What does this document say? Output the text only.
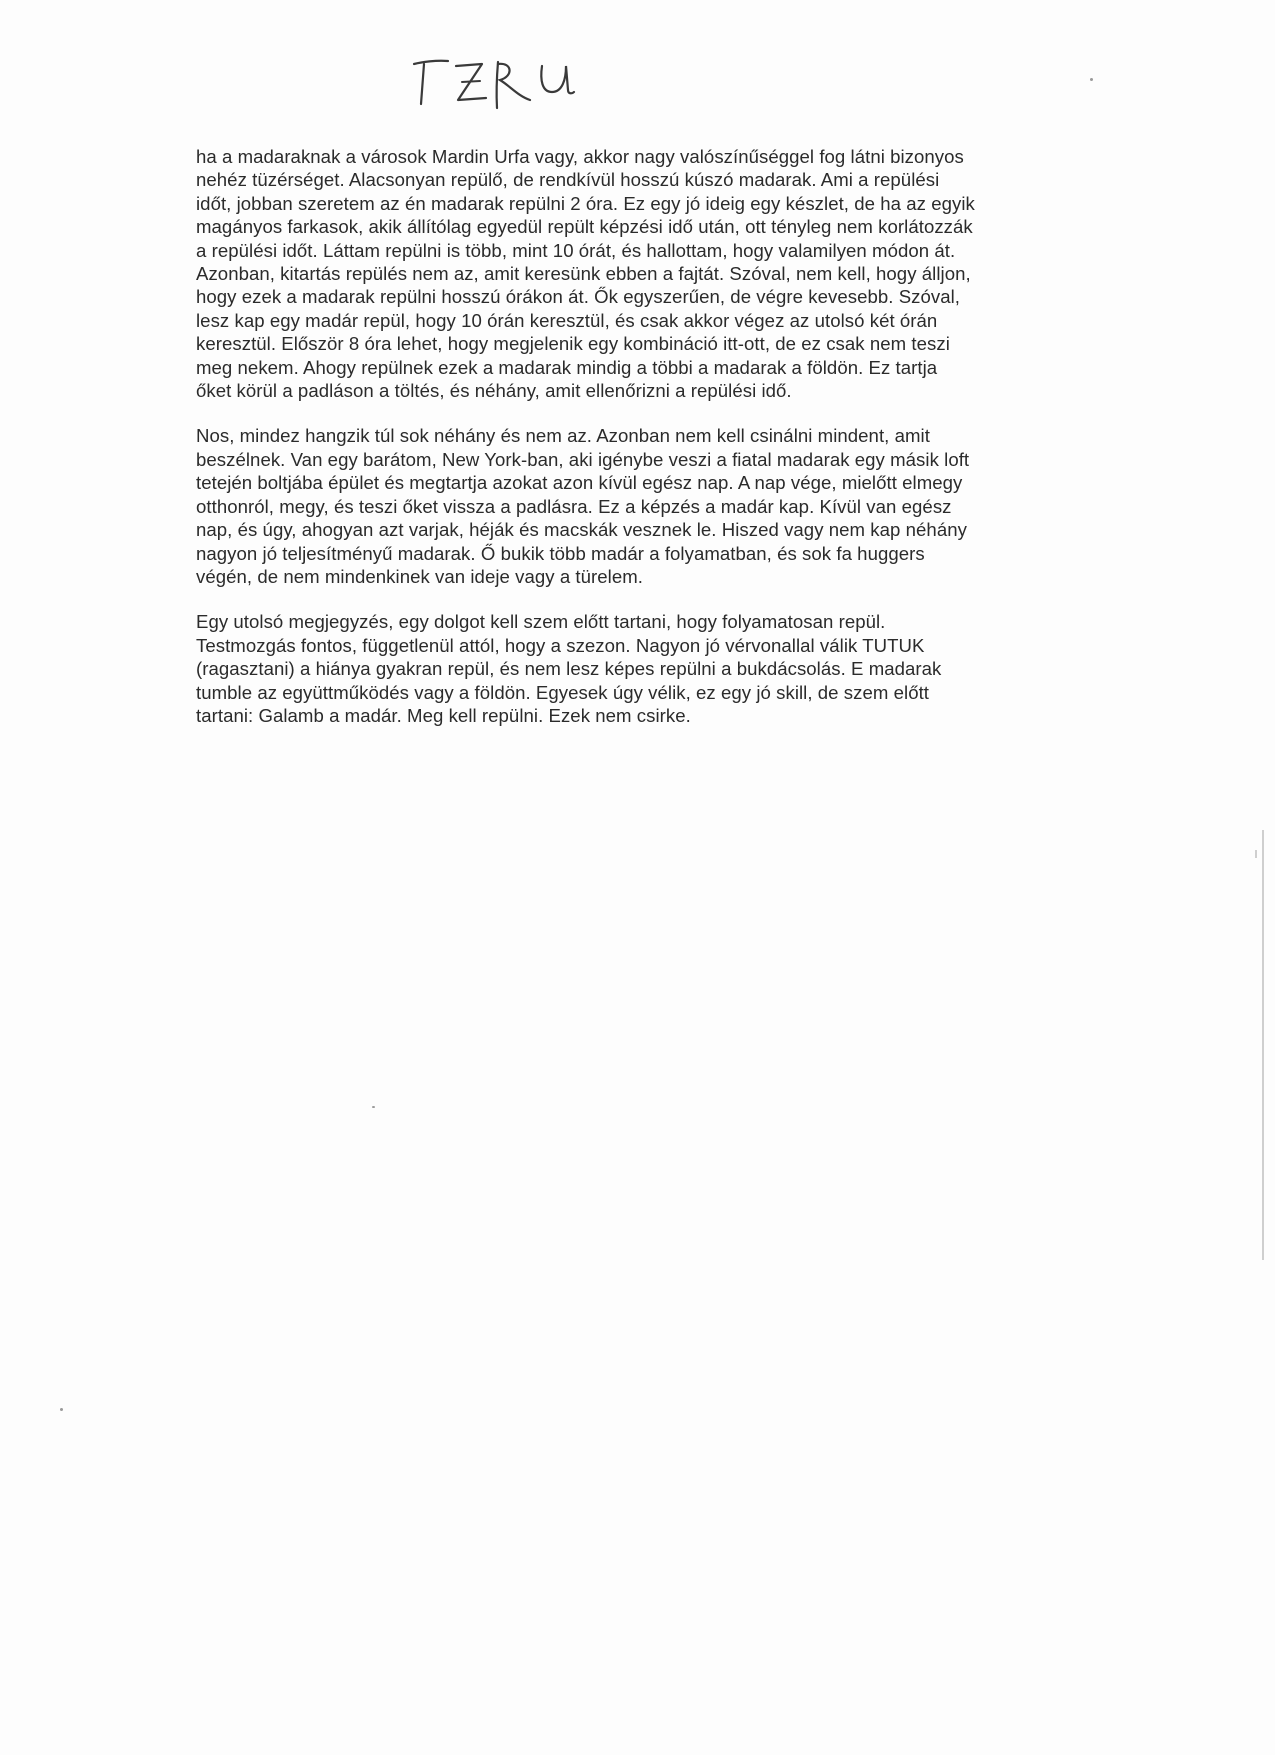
ha a madaraknak a városok Mardin Urfa vagy, akkor nagy valószínűséggel fog látni bizonyos
nehéz tüzérséget. Alacsonyan repülő, de rendkívül hosszú kúszó madarak. Ami a repülési
időt, jobban szeretem az én madarak repülni 2 óra. Ez egy jó ideig egy készlet, de ha az egyik
magányos farkasok, akik állítólag egyedül repült képzési idő után, ott tényleg nem korlátozzák
a repülési időt. Láttam repülni is több, mint 10 órát, és hallottam, hogy valamilyen módon át.
Azonban, kitartás repülés nem az, amit keresünk ebben a fajtát. Szóval, nem kell, hogy álljon,
hogy ezek a madarak repülni hosszú órákon át. Ők egyszerűen, de végre kevesebb. Szóval,
lesz kap egy madár repül, hogy 10 órán keresztül, és csak akkor végez az utolsó két órán
keresztül. Először 8 óra lehet, hogy megjelenik egy kombináció itt-ott, de ez csak nem teszi
meg nekem. Ahogy repülnek ezek a madarak mindig a többi a madarak a földön. Ez tartja
őket körül a padláson a töltés, és néhány, amit ellenőrizni a repülési idő.

Nos, mindez hangzik túl sok néhány és nem az. Azonban nem kell csinálni mindent, amit
beszélnek. Van egy barátom, New York-ban, aki igénybe veszi a fiatal madarak egy másik loft
tetején boltjába épület és megtartja azokat azon kívül egész nap. A nap vége, mielőtt elmegy
otthonról, megy, és teszi őket vissza a padlásra. Ez a képzés a madár kap. Kívül van egész
nap, és úgy, ahogyan azt varjak, héják és macskák vesznek le. Hiszed vagy nem kap néhány
nagyon jó teljesítményű madarak. Ő bukik több madár a folyamatban, és sok fa huggers
végén, de nem mindenkinek van ideje vagy a türelem.

Egy utolsó megjegyzés, egy dolgot kell szem előtt tartani, hogy folyamatosan repül.
Testmozgás fontos, függetlenül attól, hogy a szezon. Nagyon jó vérvonallal válik TUTUK
(ragasztani) a hiánya gyakran repül, és nem lesz képes repülni a bukdácsolás. E madarak
tumble az együttműködés vagy a földön. Egyesek úgy vélik, ez egy jó skill, de szem előtt
tartani: Galamb a madár. Meg kell repülni. Ezek nem csirke.
